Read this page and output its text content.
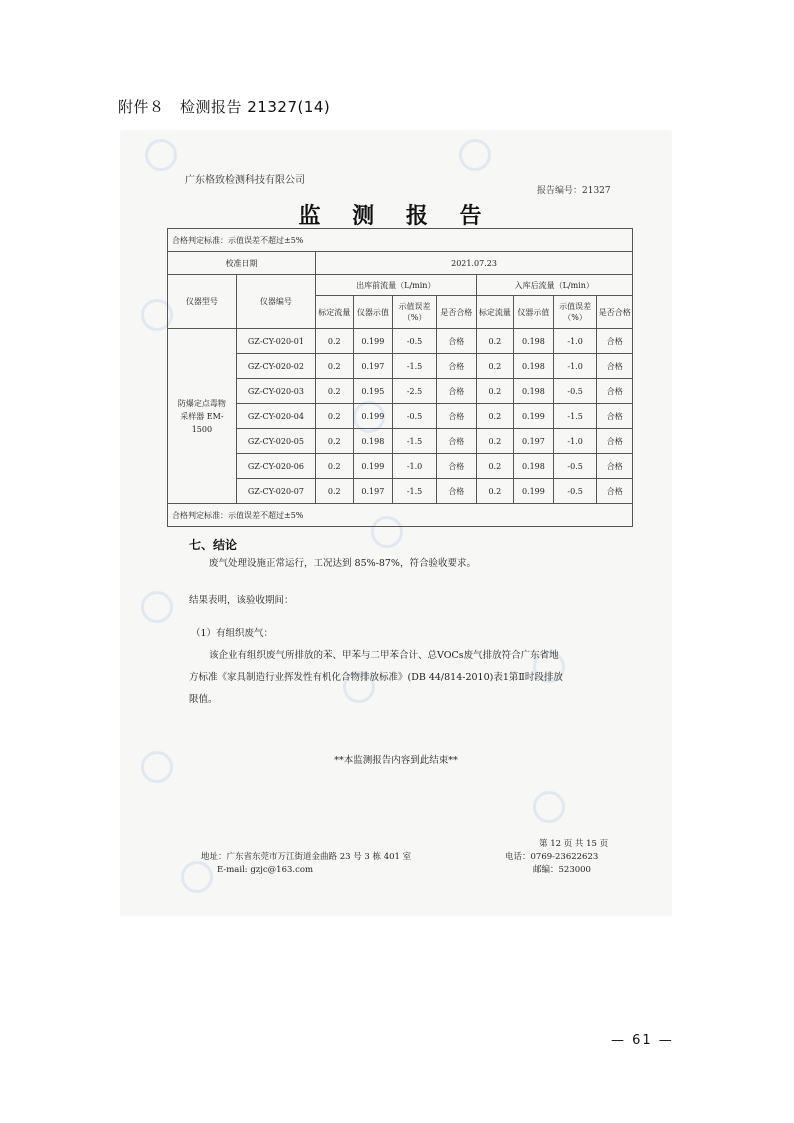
附件８　检测报告 21327(14)
广东格致检测科技有限公司
报告编号：21327
监 测 报 告
合格判定标准：示值误差不超过±5%									
校准日期		2021.07.23							
仪器型号	仪器编号	出库前流量（L/min）				入库后流量（L/min）			
		标定流量	仪器示值	示值误差（%）	是否合格	标定流量	仪器示值	示值误差（%）	是否合格
防爆定点毒物采样器 EM-1500	GZ-CY-020-01	0.2	0.199	-0.5	合格	0.2	0.198	-1.0	合格
	GZ-CY-020-02	0.2	0.197	-1.5	合格	0.2	0.198	-1.0	合格
	GZ-CY-020-03	0.2	0.195	-2.5	合格	0.2	0.198	-0.5	合格
	GZ-CY-020-04	0.2	0.199	-0.5	合格	0.2	0.199	-1.5	合格
	GZ-CY-020-05	0.2	0.198	-1.5	合格	0.2	0.197	-1.0	合格
	GZ-CY-020-06	0.2	0.199	-1.0	合格	0.2	0.198	-0.5	合格
	GZ-CY-020-07	0.2	0.197	-1.5	合格	0.2	0.199	-0.5	合格
合格判定标准：示值误差不超过±5%									
七、结论
废气处理设施正常运行，工况达到 85%-87%，符合验收要求。
结果表明，该验收期间：
（1）有组织废气：
该企业有组织废气所排放的苯、甲苯与二甲苯合计、总VOCs废气排放符合广东省地
方标准《家具制造行业挥发性有机化合物排放标准》(DB 44/814-2010)表1第Ⅱ时段排放
限值。
**本监测报告内容到此结束**
地址：广东省东莞市万江街道金曲路 23 号 3 栋 401 室
E-mail: gzjc@163.com
第 12 页 共 15 页
电话：0769-23622623
邮编：523000
— 61 —
